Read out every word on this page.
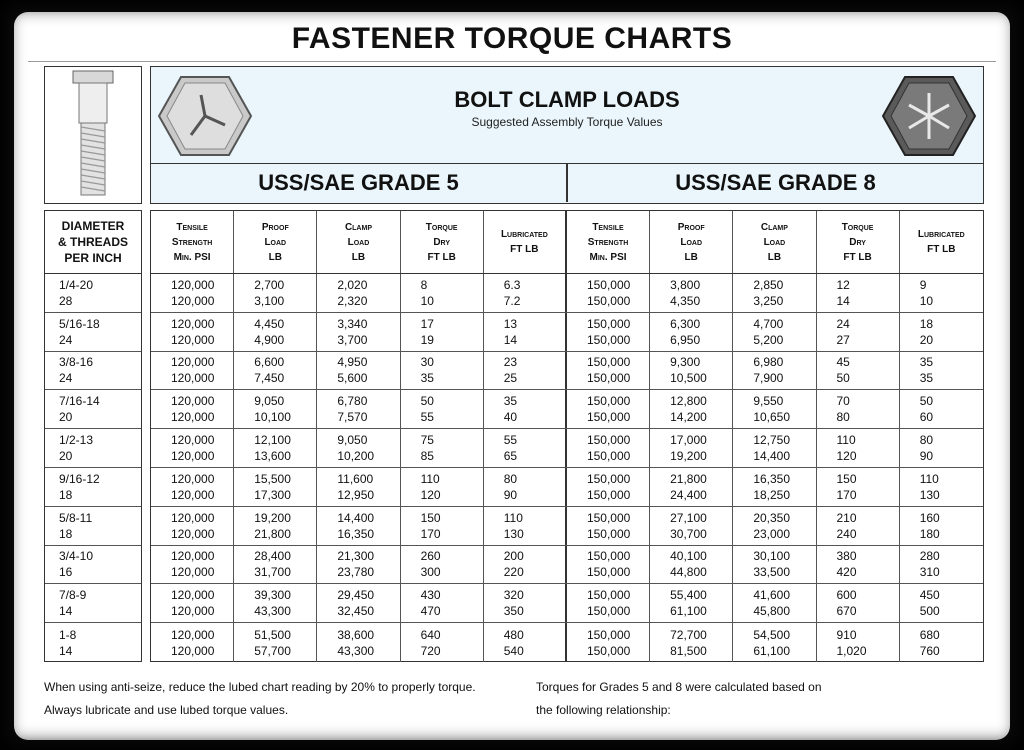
FASTENER TORQUE CHARTS
BOLT CLAMP LOADS
Suggested Assembly Torque Values
USS/SAE GRADE 5	USS/SAE GRADE 8
DIAMETER
& THREADS
PER INCH
1/4-20
28
5/16-18
24
3/8-16
24
7/16-14
20
1/2-13
20
9/16-12
18
5/8-11
18
3/4-10
16
7/8-9
14
1-8
14
Tensile
Strength
Min. PSI
Proof
Load
LB
Clamp
Load
LB
Torque
Dry
FT LB
Lubricated
FT LB
Tensile
Strength
Min. PSI
Proof
Load
LB
Clamp
Load
LB
Torque
Dry
FT LB
Lubricated
FT LB
120,000
120,000
2,700
3,100
2,020
2,320
8
10
6.3
7.2
150,000
150,000
3,800
4,350
2,850
3,250
12
14
9
10
120,000
120,000
4,450
4,900
3,340
3,700
17
19
13
14
150,000
150,000
6,300
6,950
4,700
5,200
24
27
18
20
120,000
120,000
6,600
7,450
4,950
5,600
30
35
23
25
150,000
150,000
9,300
10,500
6,980
7,900
45
50
35
35
120,000
120,000
9,050
10,100
6,780
7,570
50
55
35
40
150,000
150,000
12,800
14,200
9,550
10,650
70
80
50
60
120,000
120,000
12,100
13,600
9,050
10,200
75
85
55
65
150,000
150,000
17,000
19,200
12,750
14,400
110
120
80
90
120,000
120,000
15,500
17,300
11,600
12,950
110
120
80
90
150,000
150,000
21,800
24,400
16,350
18,250
150
170
110
130
120,000
120,000
19,200
21,800
14,400
16,350
150
170
110
130
150,000
150,000
27,100
30,700
20,350
23,000
210
240
160
180
120,000
120,000
28,400
31,700
21,300
23,780
260
300
200
220
150,000
150,000
40,100
44,800
30,100
33,500
380
420
280
310
120,000
120,000
39,300
43,300
29,450
32,450
430
470
320
350
150,000
150,000
55,400
61,100
41,600
45,800
600
670
450
500
120,000
120,000
51,500
57,700
38,600
43,300
640
720
480
540
150,000
150,000
72,700
81,500
54,500
61,100
910
1,020
680
760
When using anti-seize, reduce the lubed chart reading by 20% to properly torque.
Always lubricate and use lubed torque values.
Torques for Grades 5 and 8 were calculated based on
the following relationship:
